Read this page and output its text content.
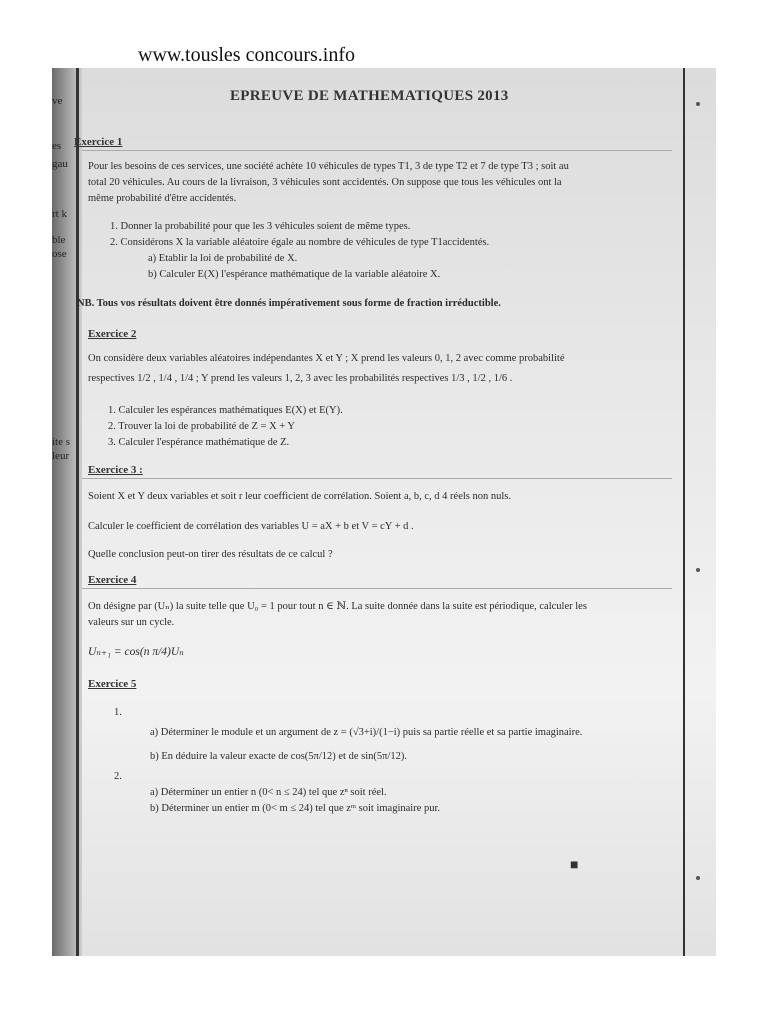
www.tousles concours.info
ve
es
gau
rt k
ble
ose
ite s
leur
EPREUVE DE MATHEMATIQUES 2013
Exercice 1
Pour les besoins de ces services, une société achète 10 véhicules de types T1, 3 de type T2 et 7 de type T3 ; soit au
total 20 véhicules. Au cours de la livraison, 3 véhicules sont accidentés. On suppose que tous les véhicules ont la
même probabilité d'être accidentés.
1. Donner la probabilité pour que les 3 véhicules soient de même types.
2. Considérons X la variable aléatoire égale au nombre de véhicules de type T1accidentés.
a) Etablir la loi de probabilité de X.
b) Calculer E(X) l'espérance mathématique de la variable aléatoire X.
NB. Tous vos résultats doivent être donnés impérativement sous forme de fraction irréductible.
Exercice 2
On considère deux variables aléatoires indépendantes X et Y ; X prend les valeurs 0, 1, 2 avec comme probabilité
respectives 1/2 , 1/4 , 1/4 ; Y prend les valeurs 1, 2, 3 avec les probabilités respectives 1/3 , 1/2 , 1/6 .
1. Calculer les espérances mathématiques E(X) et E(Y).
2. Trouver la loi de probabilité de Z = X + Y
3. Calculer l'espérance mathématique de Z.
Exercice 3 :
Soient X et Y deux variables et soit r leur coefficient de corrélation. Soient a, b, c, d 4 réels non nuls.
Calculer le coefficient de corrélation des variables U = aX + b et V = cY + d .
Quelle conclusion peut-on tirer des résultats de ce calcul ?
Exercice 4
On désigne par (Uₙ) la suite telle que U₀ = 1 pour tout n ∈ ℕ. La suite donnée dans la suite est périodique, calculer les
valeurs sur un cycle.
Uₙ₊₁ = cos(n π/4)Uₙ
Exercice 5
1.
a) Déterminer le module et un argument de z = (√3+i)/(1−i) puis sa partie réelle et sa partie imaginaire.
b) En déduire la valeur exacte de cos(5π/12) et de sin(5π/12).
2.
a) Déterminer un entier n (0< n ≤ 24) tel que zⁿ soit réel.
b) Déterminer un entier m (0< m ≤ 24) tel que zᵐ soit imaginaire pur.
■
